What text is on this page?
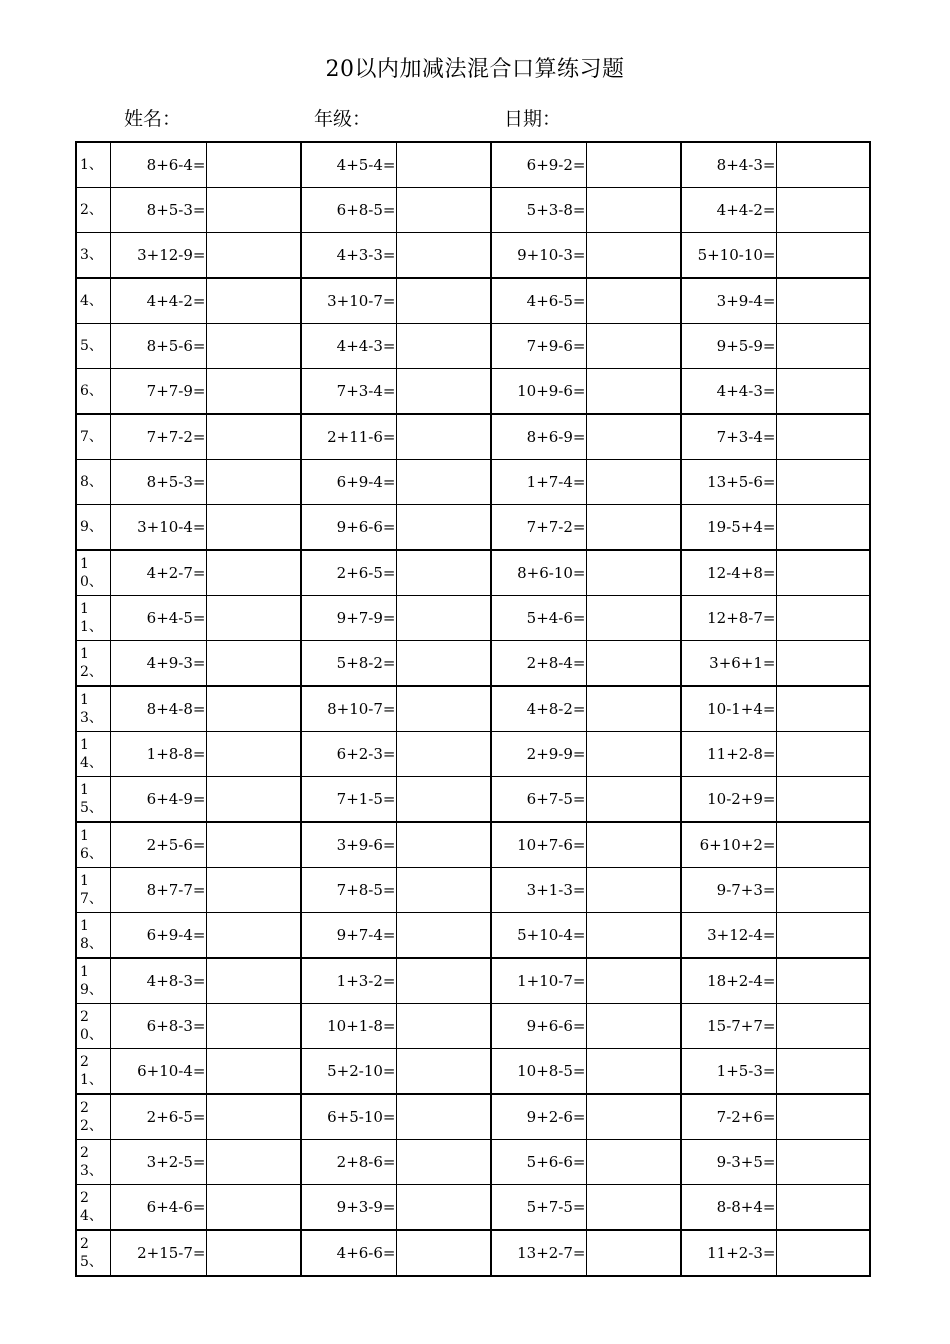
20以内加减法混合口算练习题
姓名：	年级：	日期：
1、	8+6-4=		4+5-4=		6+9-2=		8+4-3=	
2、	8+5-3=		6+8-5=		5+3-8=		4+4-2=	
3、	3+12-9=		4+3-3=		9+10-3=		5+10-10=	
4、	4+4-2=		3+10-7=		4+6-5=		3+9-4=	
5、	8+5-6=		4+4-3=		7+9-6=		9+5-9=	
6、	7+7-9=		7+3-4=		10+9-6=		4+4-3=	
7、	7+7-2=		2+11-6=		8+6-9=		7+3-4=	
8、	8+5-3=		6+9-4=		1+7-4=		13+5-6=	
9、	3+10-4=		9+6-6=		7+7-2=		19-5+4=	
10、	4+2-7=		2+6-5=		8+6-10=		12-4+8=	
11、	6+4-5=		9+7-9=		5+4-6=		12+8-7=	
12、	4+9-3=		5+8-2=		2+8-4=		3+6+1=	
13、	8+4-8=		8+10-7=		4+8-2=		10-1+4=	
14、	1+8-8=		6+2-3=		2+9-9=		11+2-8=	
15、	6+4-9=		7+1-5=		6+7-5=		10-2+9=	
16、	2+5-6=		3+9-6=		10+7-6=		6+10+2=	
17、	8+7-7=		7+8-5=		3+1-3=		9-7+3=	
18、	6+9-4=		9+7-4=		5+10-4=		3+12-4=	
19、	4+8-3=		1+3-2=		1+10-7=		18+2-4=	
20、	6+8-3=		10+1-8=		9+6-6=		15-7+7=	
21、	6+10-4=		5+2-10=		10+8-5=		1+5-3=	
22、	2+6-5=		6+5-10=		9+2-6=		7-2+6=	
23、	3+2-5=		2+8-6=		5+6-6=		9-3+5=	
24、	6+4-6=		9+3-9=		5+7-5=		8-8+4=	
25、	2+15-7=		4+6-6=		13+2-7=		11+2-3=	
